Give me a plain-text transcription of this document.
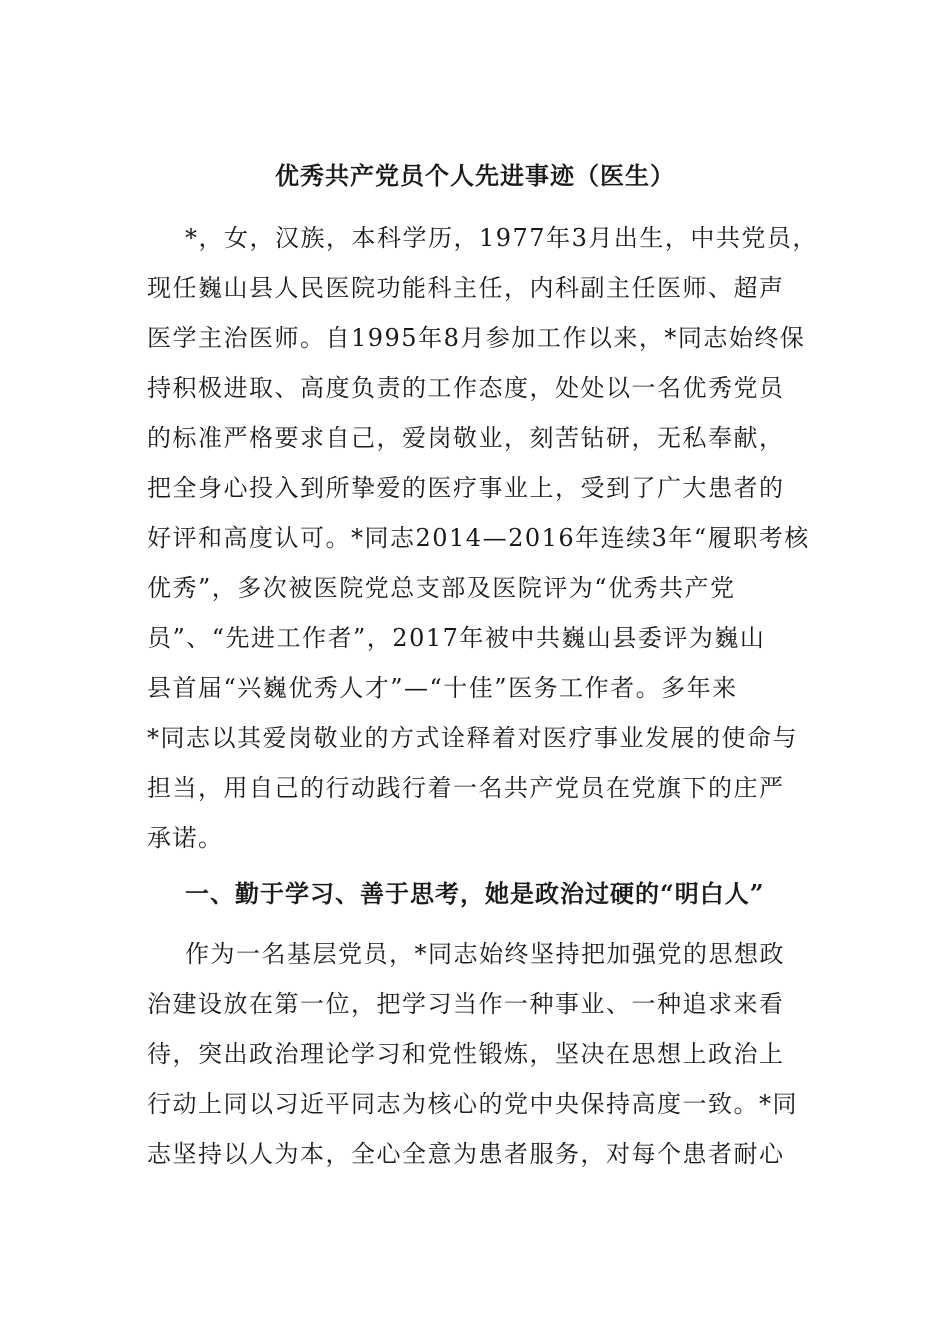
优秀共产党员个人先进事迹（医生）
*，女，汉族，本科学历，1977年3月出生，中共党员，
现任巍山县人民医院功能科主任，内科副主任医师、超声
医学主治医师。自1995年8月参加工作以来，*同志始终保
持积极进取、高度负责的工作态度，处处以一名优秀党员
的标准严格要求自己，爱岗敬业，刻苦钻研，无私奉献，
把全身心投入到所挚爱的医疗事业上，受到了广大患者的
好评和高度认可。*同志2014—2016年连续3年“履职考核
优秀”，多次被医院党总支部及医院评为“优秀共产党
员”、“先进工作者”，2017年被中共巍山县委评为巍山
县首届“兴巍优秀人才”—“十佳”医务工作者。多年来
*同志以其爱岗敬业的方式诠释着对医疗事业发展的使命与
担当，用自己的行动践行着一名共产党员在党旗下的庄严
承诺。
一、勤于学习、善于思考，她是政治过硬的“明白人”
作为一名基层党员，*同志始终坚持把加强党的思想政
治建设放在第一位，把学习当作一种事业、一种追求来看
待，突出政治理论学习和党性锻炼，坚决在思想上政治上
行动上同以习近平同志为核心的党中央保持高度一致。*同
志坚持以人为本，全心全意为患者服务，对每个患者耐心
